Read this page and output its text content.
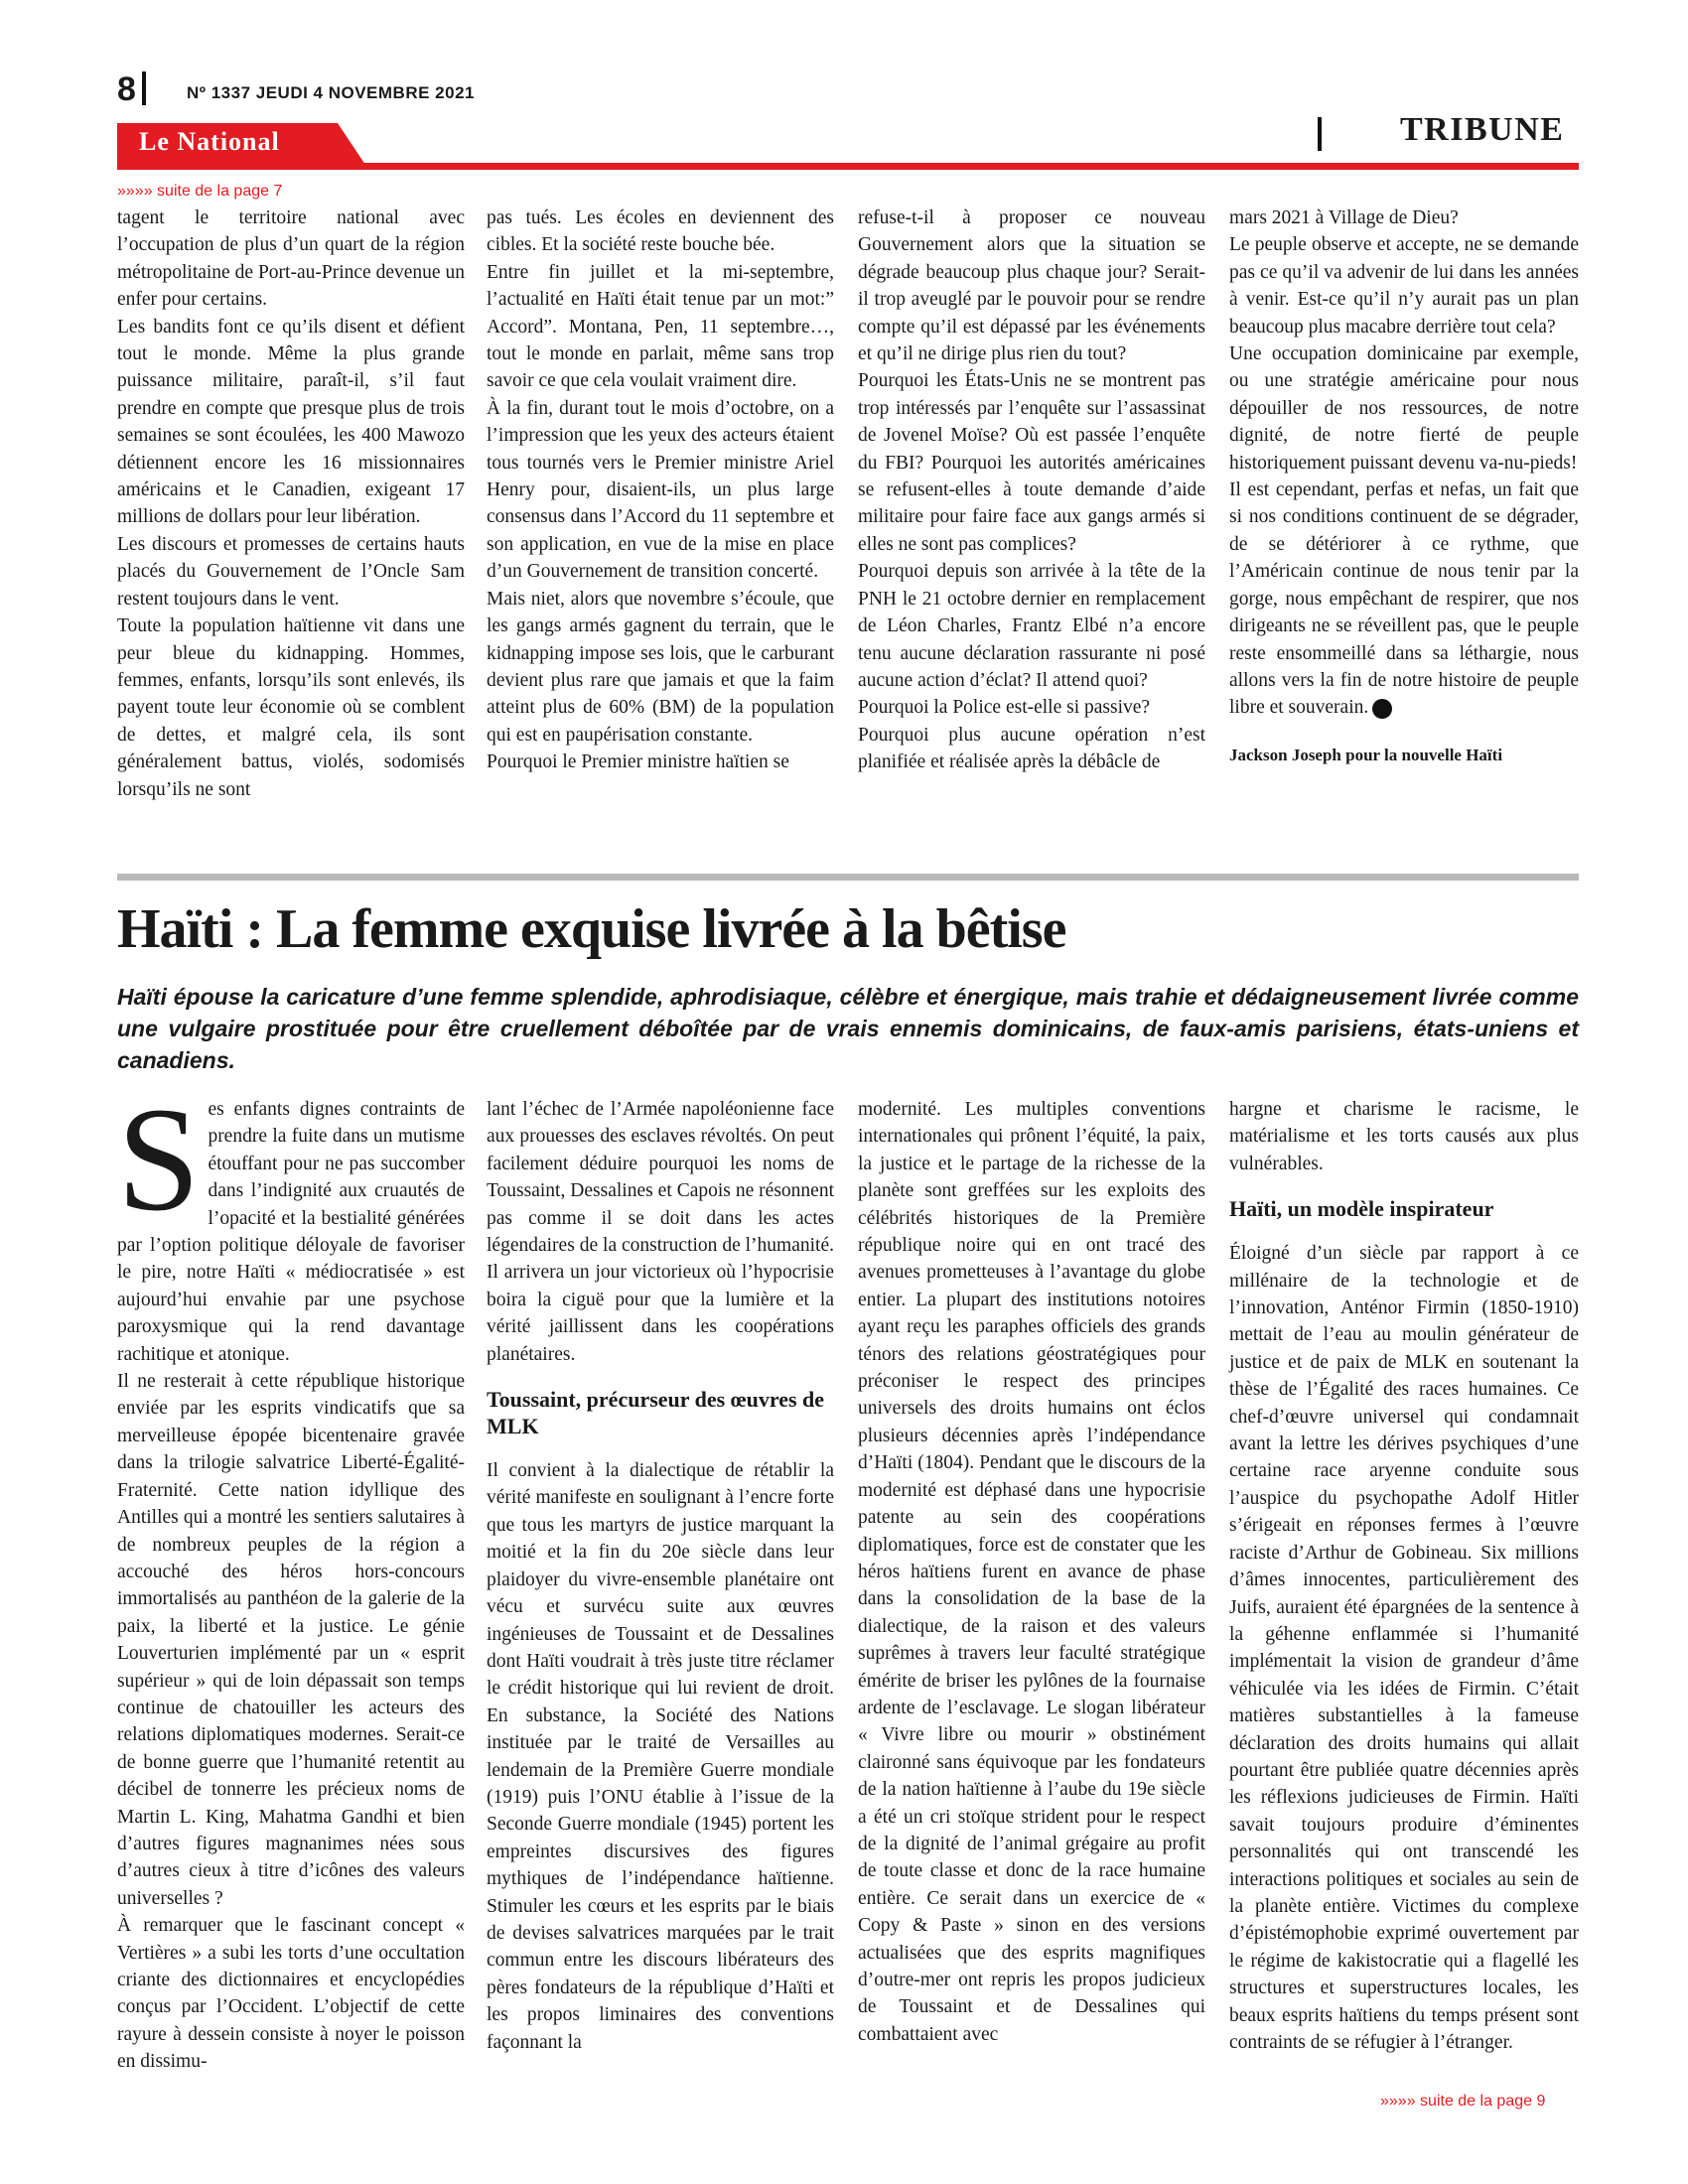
8	Nº 1337 JEUDI 4 NOVEMBRE 2021
Le National	TRIBUNE
»»»» suite de la page 7

tagent le territoire national avec l’occupation de plus d’un quart de la région métropolitaine de Port-au-Prince devenue un enfer pour certains.

Les bandits font ce qu’ils disent et défient tout le monde. Même la plus grande puissance militaire, paraît-il, s’il faut prendre en compte que presque plus de trois semaines se sont écoulées, les 400 Mawozo détiennent encore les 16 missionnaires américains et le Canadien, exigeant 17 millions de dollars pour leur libération.

Les discours et promesses de certains hauts placés du Gouvernement de l’Oncle Sam restent toujours dans le vent.

Toute la population haïtienne vit dans une peur bleue du kidnapping. Hommes, femmes, enfants, lorsqu’ils sont enlevés, ils payent toute leur économie où se comblent de dettes, et malgré cela, ils sont généralement battus, violés, sodomisés lorsqu’ils ne sont

pas tués. Les écoles en deviennent des cibles. Et la société reste bouche bée.

Entre fin juillet et la mi-septembre, l’actualité en Haïti était tenue par un mot:” Accord”. Montana, Pen, 11 septembre…, tout le monde en parlait, même sans trop savoir ce que cela voulait vraiment dire.

À la fin, durant tout le mois d’octobre, on a l’impression que les yeux des acteurs étaient tous tournés vers le Premier ministre Ariel Henry pour, disaient-ils, un plus large consensus dans l’Accord du 11 septembre et son application, en vue de la mise en place d’un Gouvernement de transition concerté.

Mais niet, alors que novembre s’écoule, que les gangs armés gagnent du terrain, que le kidnapping impose ses lois, que le carburant devient plus rare que jamais et que la faim atteint plus de 60% (BM) de la population qui est en paupérisation constante.

Pourquoi le Premier ministre haïtien se

refuse-t-il à proposer ce nouveau Gouvernement alors que la situation se dégrade beaucoup plus chaque jour? Serait-il trop aveuglé par le pouvoir pour se rendre compte qu’il est dépassé par les événements et qu’il ne dirige plus rien du tout?

Pourquoi les États-Unis ne se montrent pas trop intéressés par l’enquête sur l’assassinat de Jovenel Moïse? Où est passée l’enquête du FBI? Pourquoi les autorités américaines se refusent-elles à toute demande d’aide militaire pour faire face aux gangs armés si elles ne sont pas complices?

Pourquoi depuis son arrivée à la tête de la PNH le 21 octobre dernier en remplacement de Léon Charles, Frantz Elbé n’a encore tenu aucune déclaration rassurante ni posé aucune action d’éclat? Il attend quoi?

Pourquoi la Police est-elle si passive?

Pourquoi plus aucune opération n’est planifiée et réalisée après la débâcle de

mars 2021 à Village de Dieu?

Le peuple observe et accepte, ne se demande pas ce qu’il va advenir de lui dans les années à venir. Est-ce qu’il n’y aurait pas un plan beaucoup plus macabre derrière tout cela?

Une occupation dominicaine par exemple, ou une stratégie américaine pour nous dépouiller de nos ressources, de notre dignité, de notre fierté de peuple historiquement puissant devenu va-nu-pieds!

Il est cependant, perfas et nefas, un fait que si nos conditions continuent de se dégrader, de se détériorer à ce rythme, que l’Américain continue de nous tenir par la gorge, nous empêchant de respirer, que nos dirigeants ne se réveillent pas, que le peuple reste ensommeillé dans sa léthargie, nous allons vers la fin de notre histoire de peuple libre et souverain.

Jackson Joseph pour la nouvelle Haïti

Haïti : La femme exquise livrée à la bêtise
Haïti épouse la caricature d’une femme splendide, aphrodisiaque, célèbre et énergique, mais trahie et dédaigneusement livrée comme une vulgaire prostituée pour être cruellement déboîtée par de vrais ennemis dominicains, de faux-amis parisiens, états-uniens et canadiens.

Ses enfants dignes contraints de prendre la fuite dans un mutisme étouffant pour ne pas succomber dans l’indignité aux cruautés de l’opacité et la bestialité générées par l’option politique déloyale de favoriser le pire, notre Haïti « médiocratisée » est aujourd’hui envahie par une psychose paroxysmique qui la rend davantage rachitique et atonique.

Il ne resterait à cette république historique enviée par les esprits vindicatifs que sa merveilleuse épopée bicentenaire gravée dans la trilogie salvatrice Liberté-Égalité-Fraternité. Cette nation idyllique des Antilles qui a montré les sentiers salutaires à de nombreux peuples de la région a accouché des héros hors-concours immortalisés au panthéon de la galerie de la paix, la liberté et la justice. Le génie Louverturien implémenté par un « esprit supérieur » qui de loin dépassait son temps continue de chatouiller les acteurs des relations diplomatiques modernes. Serait-ce de bonne guerre que l’humanité retentit au décibel de tonnerre les précieux noms de Martin L. King, Mahatma Gandhi et bien d’autres figures magnanimes nées sous d’autres cieux à titre d’icônes des valeurs universelles ?

À remarquer que le fascinant concept « Vertières » a subi les torts d’une occultation criante des dictionnaires et encyclopédies conçus par l’Occident. L’objectif de cette rayure à dessein consiste à noyer le poisson en dissimu-

lant l’échec de l’Armée napoléonienne face aux prouesses des esclaves révoltés. On peut facilement déduire pourquoi les noms de Toussaint, Dessalines et Capois ne résonnent pas comme il se doit dans les actes légendaires de la construction de l’humanité. Il arrivera un jour victorieux où l’hypocrisie boira la ciguë pour que la lumière et la vérité jaillissent dans les coopérations planétaires.

Toussaint, précurseur des œuvres de MLK

Il convient à la dialectique de rétablir la vérité manifeste en soulignant à l’encre forte que tous les martyrs de justice marquant la moitié et la fin du 20e siècle dans leur plaidoyer du vivre-ensemble planétaire ont vécu et survécu suite aux œuvres ingénieuses de Toussaint et de Dessalines dont Haïti voudrait à très juste titre réclamer le crédit historique qui lui revient de droit. En substance, la Société des Nations instituée par le traité de Versailles au lendemain de la Première Guerre mondiale (1919) puis l’ONU établie à l’issue de la Seconde Guerre mondiale (1945) portent les empreintes discursives des figures mythiques de l’indépendance haïtienne. Stimuler les cœurs et les esprits par le biais de devises salvatrices marquées par le trait commun entre les discours libérateurs des pères fondateurs de la république d’Haïti et les propos liminaires des conventions façonnant la

modernité. Les multiples conventions internationales qui prônent l’équité, la paix, la justice et le partage de la richesse de la planète sont greffées sur les exploits des célébrités historiques de la Première république noire qui en ont tracé des avenues prometteuses à l’avantage du globe entier. La plupart des institutions notoires ayant reçu les paraphes officiels des grands ténors des relations géostratégiques pour préconiser le respect des principes universels des droits humains ont éclos plusieurs décennies après l’indépendance d’Haïti (1804). Pendant que le discours de la modernité est déphasé dans une hypocrisie patente au sein des coopérations diplomatiques, force est de constater que les héros haïtiens furent en avance de phase dans la consolidation de la base de la dialectique, de la raison et des valeurs suprêmes à travers leur faculté stratégique émérite de briser les pylônes de la fournaise ardente de l’esclavage. Le slogan libérateur « Vivre libre ou mourir » obstinément claironné sans équivoque par les fondateurs de la nation haïtienne à l’aube du 19e siècle a été un cri stoïque strident pour le respect de la dignité de l’animal grégaire au profit de toute classe et donc de la race humaine entière. Ce serait dans un exercice de « Copy & Paste » sinon en des versions actualisées que des esprits magnifiques d’outre-mer ont repris les propos judicieux de Toussaint et de Dessalines qui combattaient avec

hargne et charisme le racisme, le matérialisme et les torts causés aux plus vulnérables.

Haïti, un modèle inspirateur

Éloigné d’un siècle par rapport à ce millénaire de la technologie et de l’innovation, Anténor Firmin (1850-1910) mettait de l’eau au moulin générateur de justice et de paix de MLK en soutenant la thèse de l’Égalité des races humaines. Ce chef-d’œuvre universel qui condamnait avant la lettre les dérives psychiques d’une certaine race aryenne conduite sous l’auspice du psychopathe Adolf Hitler s’érigeait en réponses fermes à l’œuvre raciste d’Arthur de Gobineau. Six millions d’âmes innocentes, particulièrement des Juifs, auraient été épargnées de la sentence à la géhenne enflammée si l’humanité implémentait la vision de grandeur d’âme véhiculée via les idées de Firmin. C’était matières substantielles à la fameuse déclaration des droits humains qui allait pourtant être publiée quatre décennies après les réflexions judicieuses de Firmin. Haïti savait toujours produire d’éminentes personnalités qui ont transcendé les interactions politiques et sociales au sein de la planète entière. Victimes du complexe d’épistémophobie exprimé ouvertement par le régime de kakistocratie qui a flagellé les structures et superstructures locales, les beaux esprits haïtiens du temps présent sont contraints de se réfugier à l’étranger.

»»»» suite de la page 9
